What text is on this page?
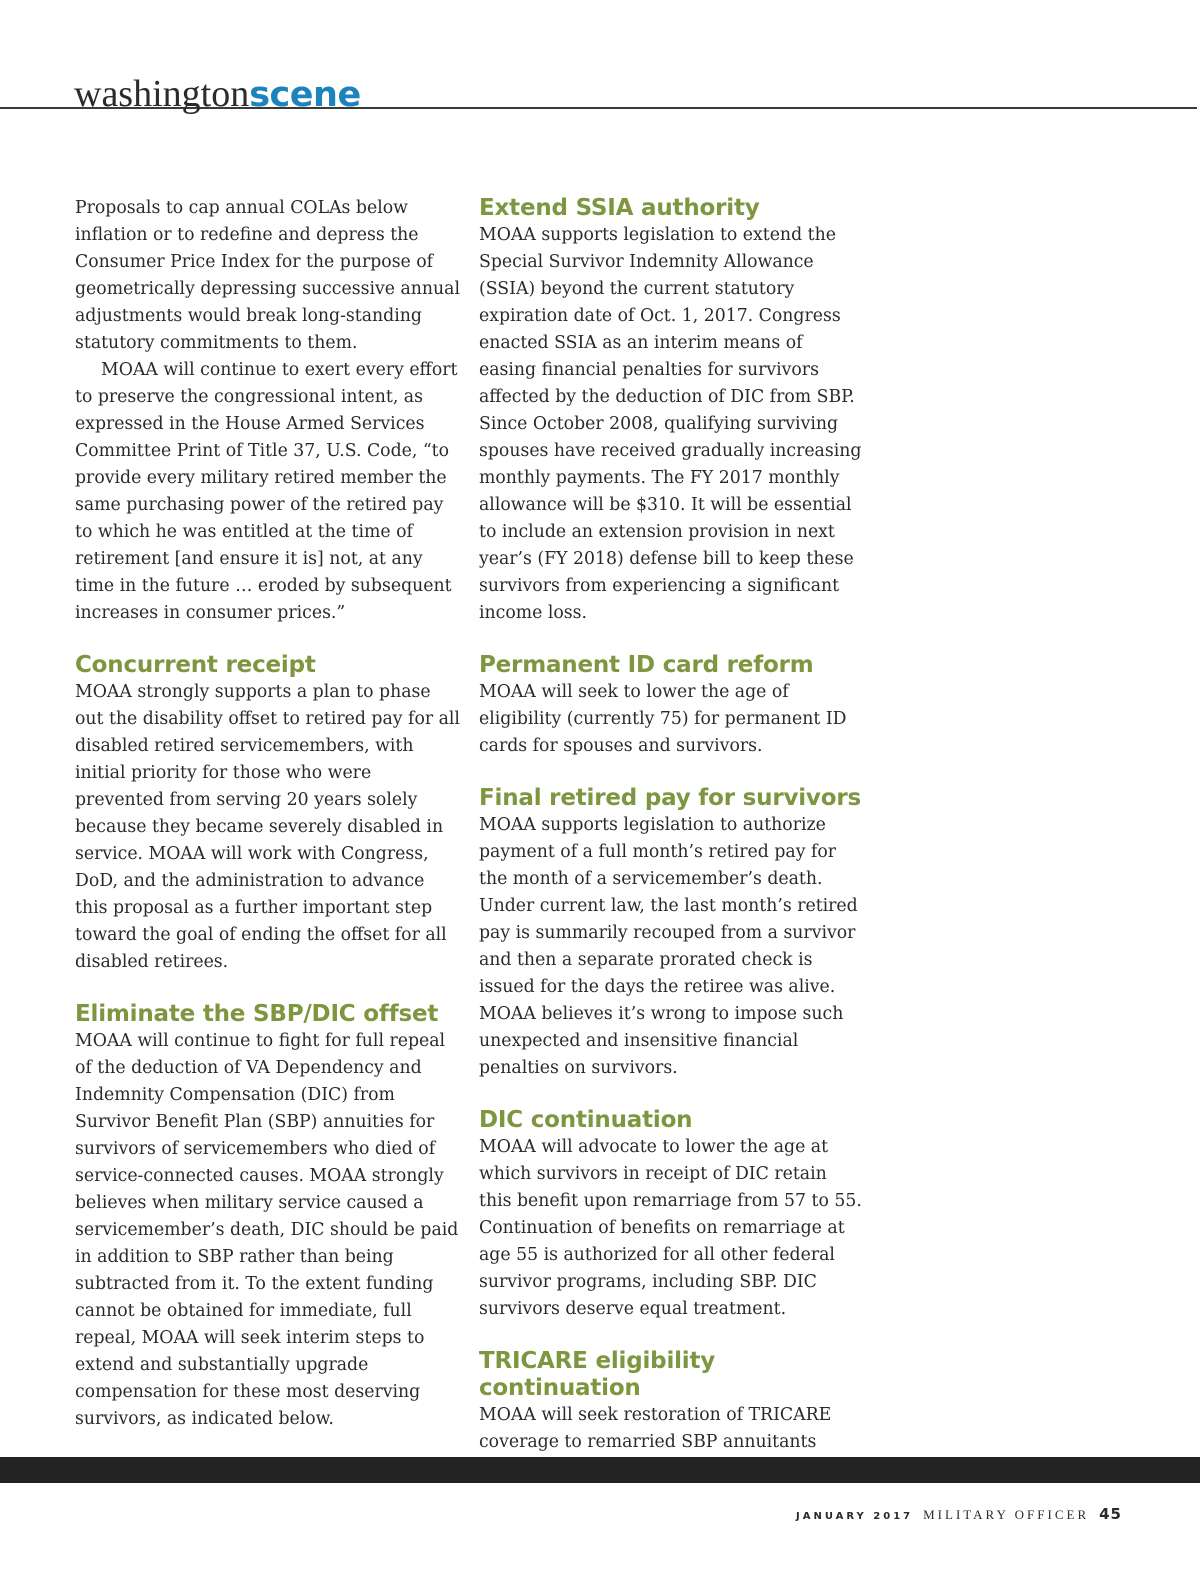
washingtonscene

Proposals to cap annual COLAs below inflation or to redefine and depress the Consumer Price Index for the purpose of geometrically depressing successive annual adjustments would break long-standing statutory commitments to them.

MOAA will continue to exert every effort to preserve the congressional intent, as expressed in the House Armed Services Committee Print of Title 37, U.S. Code, “to provide every military retired member the same purchasing power of the retired pay to which he was entitled at the time of retirement [and ensure it is] not, at any time in the future … eroded by subsequent increases in consumer prices.”

Concurrent receipt

MOAA strongly supports a plan to phase out the disability offset to retired pay for all disabled retired servicemembers, with initial priority for those who were prevented from serving 20 years solely because they became severely disabled in service. MOAA will work with Congress, DoD, and the administration to advance this proposal as a further important step toward the goal of ending the offset for all disabled retirees.

Eliminate the SBP/DIC offset

MOAA will continue to fight for full repeal of the deduction of VA Dependency and Indemnity Compensation (DIC) from Survivor Benefit Plan (SBP) annuities for survivors of servicemembers who died of service-connected causes. MOAA strongly believes when military service caused a servicemember’s death, DIC should be paid in addition to SBP rather than being subtracted from it. To the extent funding cannot be obtained for immediate, full repeal, MOAA will seek interim steps to extend and substantially upgrade compensation for these most deserving survivors, as indicated below.

Extend SSIA authority

MOAA supports legislation to extend the Special Survivor Indemnity Allowance (SSIA) beyond the current statutory expiration date of Oct. 1, 2017. Congress enacted SSIA as an interim means of easing financial penalties for survivors affected by the deduction of DIC from SBP. Since October 2008, qualifying surviving spouses have received gradually increasing monthly payments. The FY 2017 monthly allowance will be $310. It will be essential to include an extension provision in next year’s (FY 2018) defense bill to keep these survivors from experiencing a significant income loss.

Permanent ID card reform

MOAA will seek to lower the age of eligibility (currently 75) for permanent ID cards for spouses and survivors.

Final retired pay for survivors

MOAA supports legislation to authorize payment of a full month’s retired pay for the month of a servicemember’s death. Under current law, the last month’s retired pay is summarily recouped from a survivor and then a separate prorated check is issued for the days the retiree was alive. MOAA believes it’s wrong to impose such unexpected and insensitive financial penalties on survivors.

DIC continuation

MOAA will advocate to lower the age at which survivors in receipt of DIC retain this benefit upon remarriage from 57 to 55. Continuation of benefits on remarriage at age 55 is authorized for all other federal survivor programs, including SBP. DIC survivors deserve equal treatment.

TRICARE eligibility continuation

MOAA will seek restoration of TRICARE coverage to remarried SBP annuitants

JANUARY 2017 MILITARY OFFICER 45
